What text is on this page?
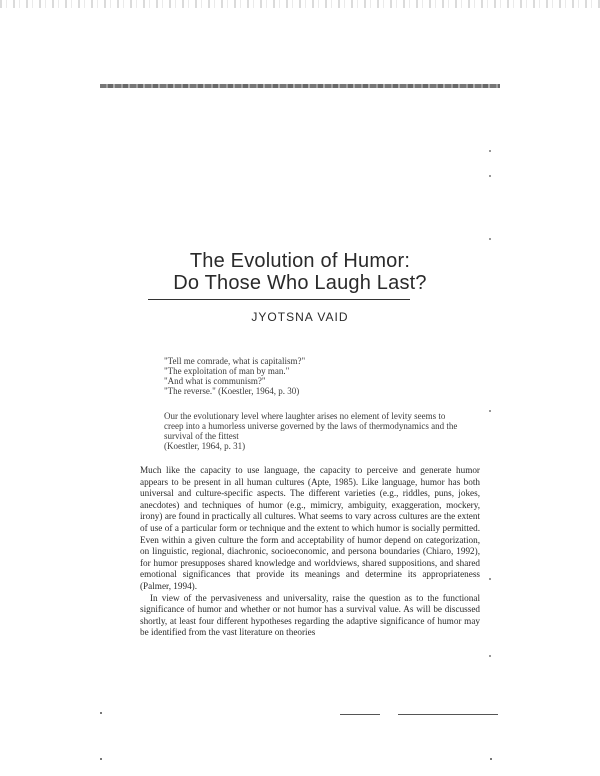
The Evolution of Humor:
Do Those Who Laugh Last?
JYOTSNA VAID

"Tell me comrade, what is capitalism?"

"The exploitation of man by man."

"And what is communism?"

"The reverse." (Koestler, 1964, p. 30)

Our the evolutionary level where laughter arises no element of levity seems to creep into a humorless universe governed by the laws of thermodynamics and the survival of the fittest

(Koestler, 1964, p. 31)

Much like the capacity to use language, the capacity to perceive and generate humor appears to be present in all human cultures (Apte, 1985). Like language, humor has both universal and culture-specific aspects. The different varieties (e.g., riddles, puns, jokes, anecdotes) and techniques of humor (e.g., mimicry, ambiguity, exaggeration, mockery, irony) are found in practically all cultures. What seems to vary across cultures are the extent of use of a particular form or technique and the extent to which humor is socially permitted. Even within a given culture the form and acceptability of humor depend on categorization, on linguistic, regional, diachronic, socioeconomic, and persona boundaries (Chiaro, 1992), for humor presupposes shared knowledge and worldviews, shared suppositions, and shared emotional significances that provide its meanings and determine its appropriateness (Palmer, 1994).

In view of the pervasiveness and universality, raise the question as to the functional significance of humor and whether or not humor has a survival value. As will be discussed shortly, at least four different hypotheses regarding the adaptive significance of humor may be identified from the vast literature on theories
